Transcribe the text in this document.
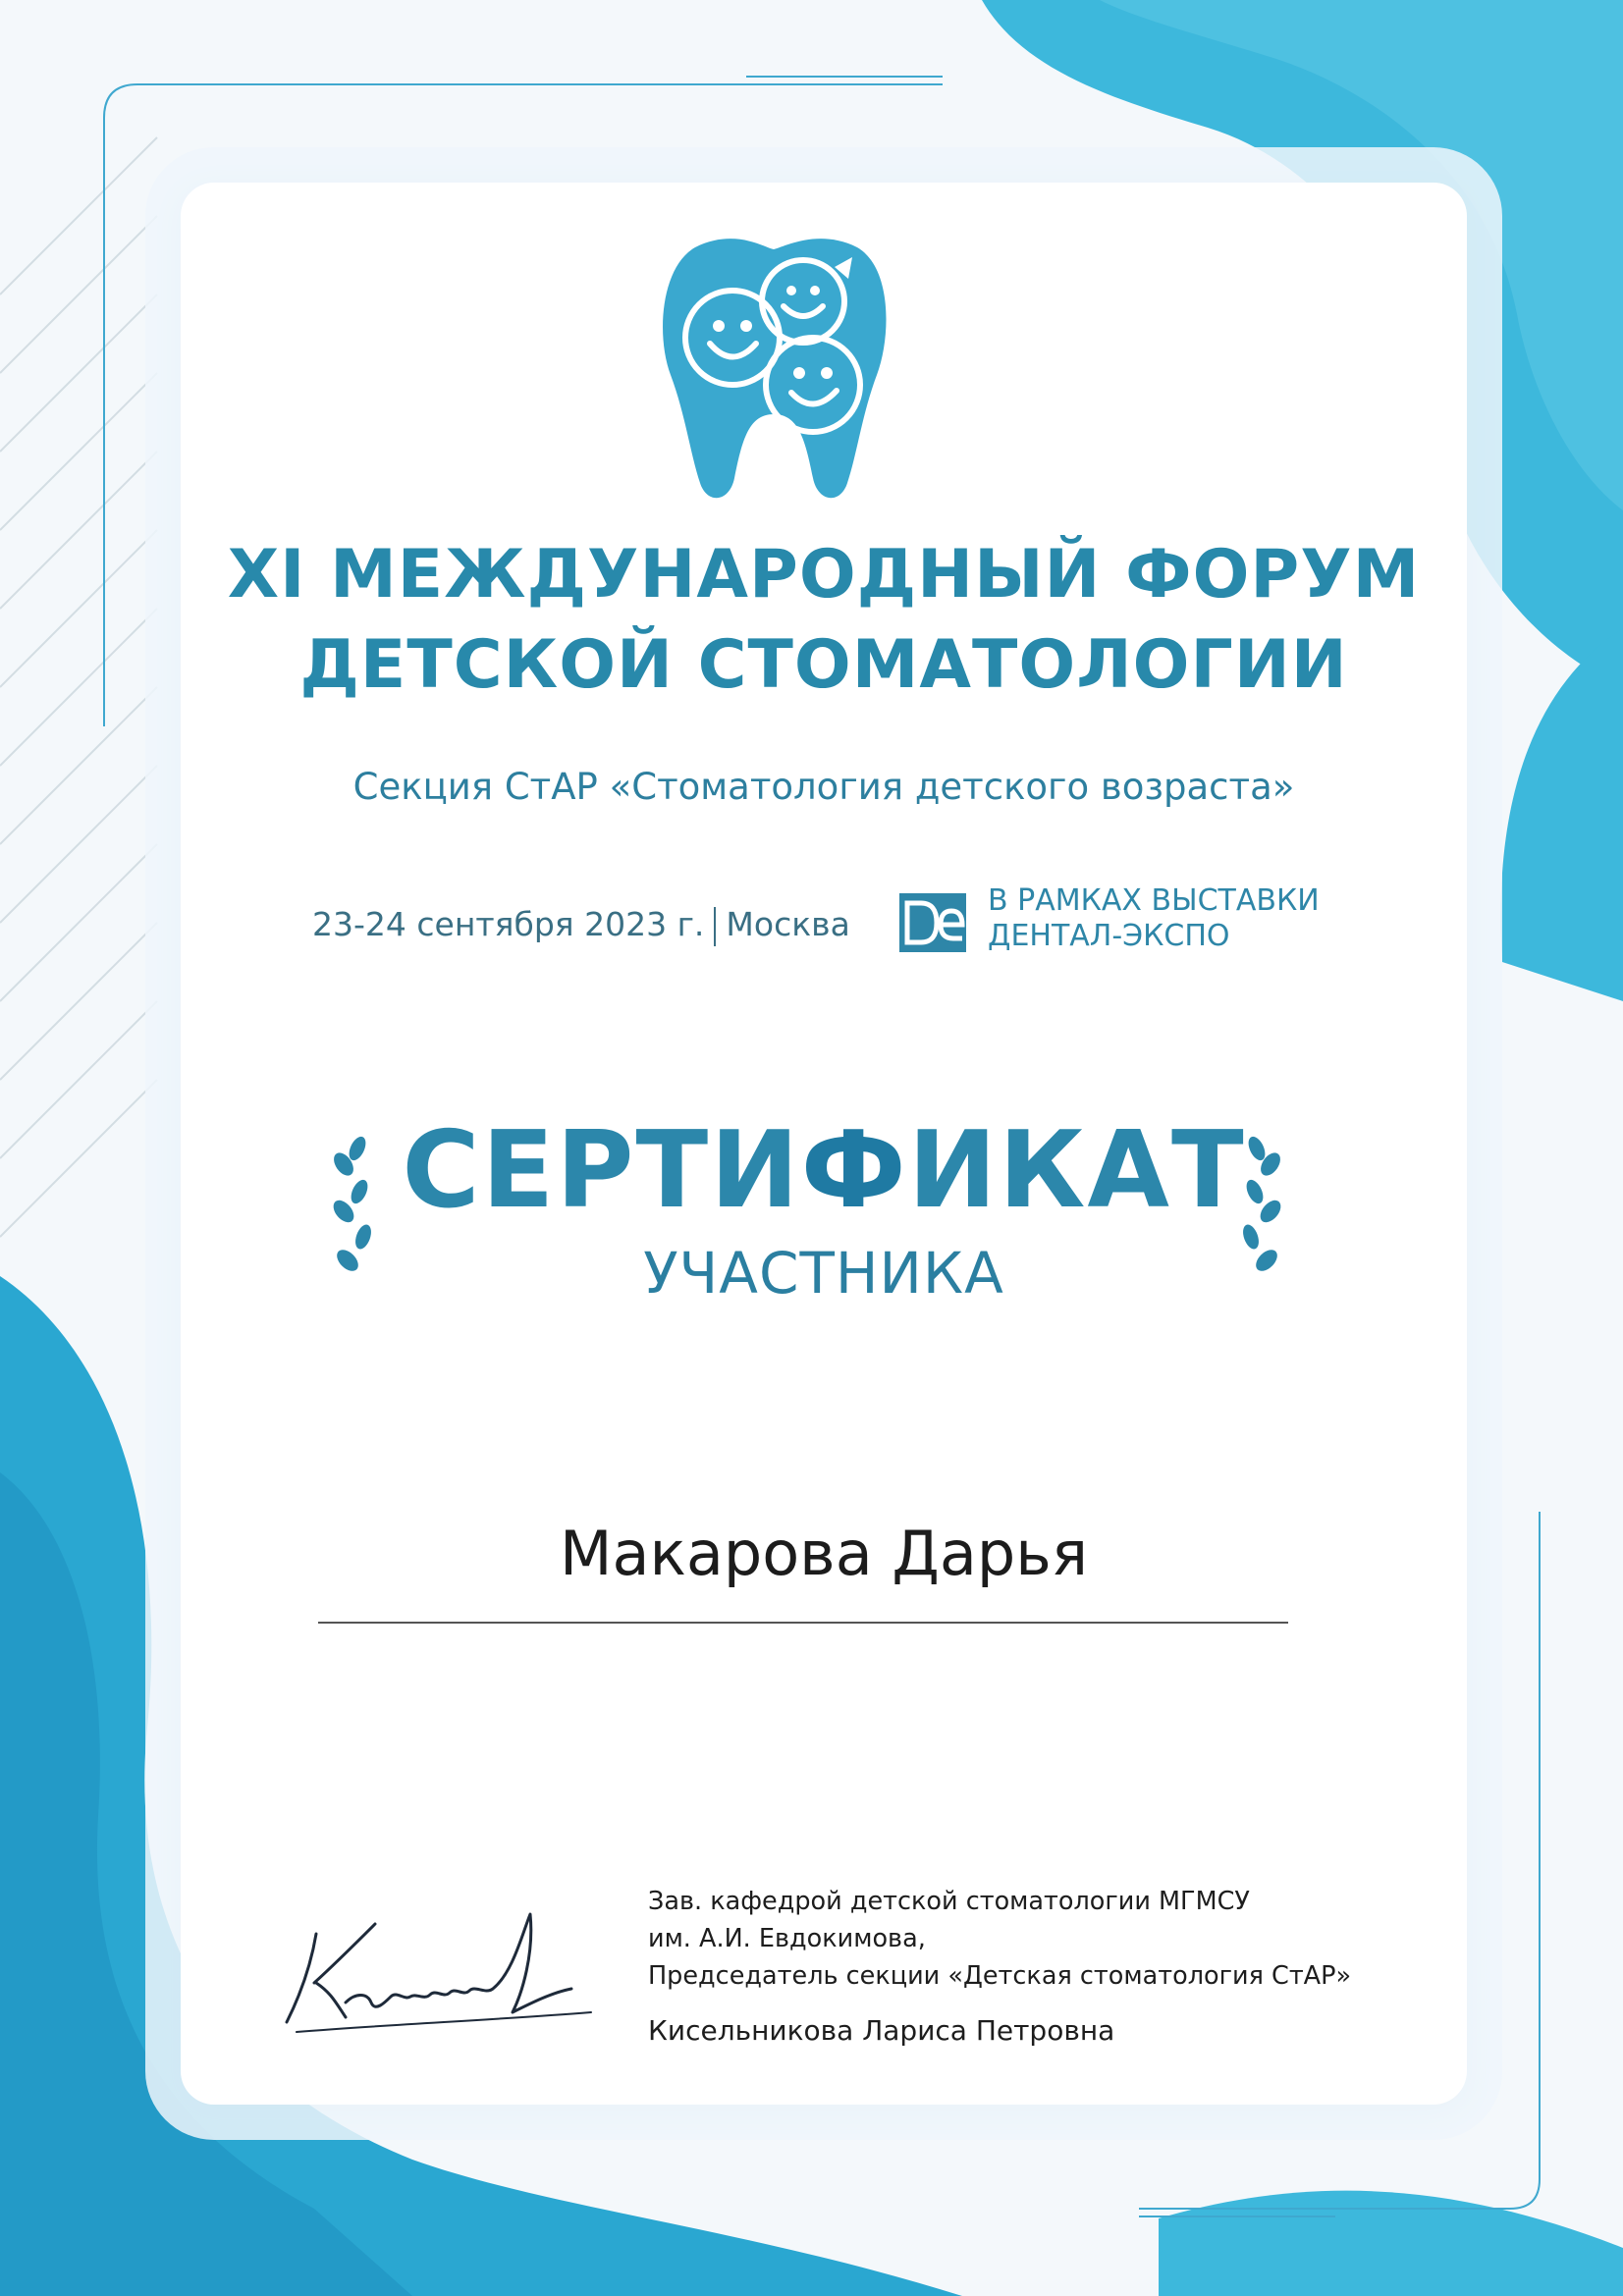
XI МЕЖДУНАРОДНЫЙ ФОРУМ
ДЕТСКОЙ СТОМАТОЛОГИИ
Секция СтАР «Стоматология детского возраста»
23-24 сентября 2023 г. Москва
В РАМКАХ ВЫСТАВКИ
ДЕНТАЛ-ЭКСПО
СЕРТИФИКАТ
УЧАСТНИКА
Макарова Дарья
Зав. кафедрой детской стоматологии МГМСУ
им. А.И. Евдокимова,
Председатель секции «Детская стоматология СтАР»
Кисельникова Лариса Петровна
